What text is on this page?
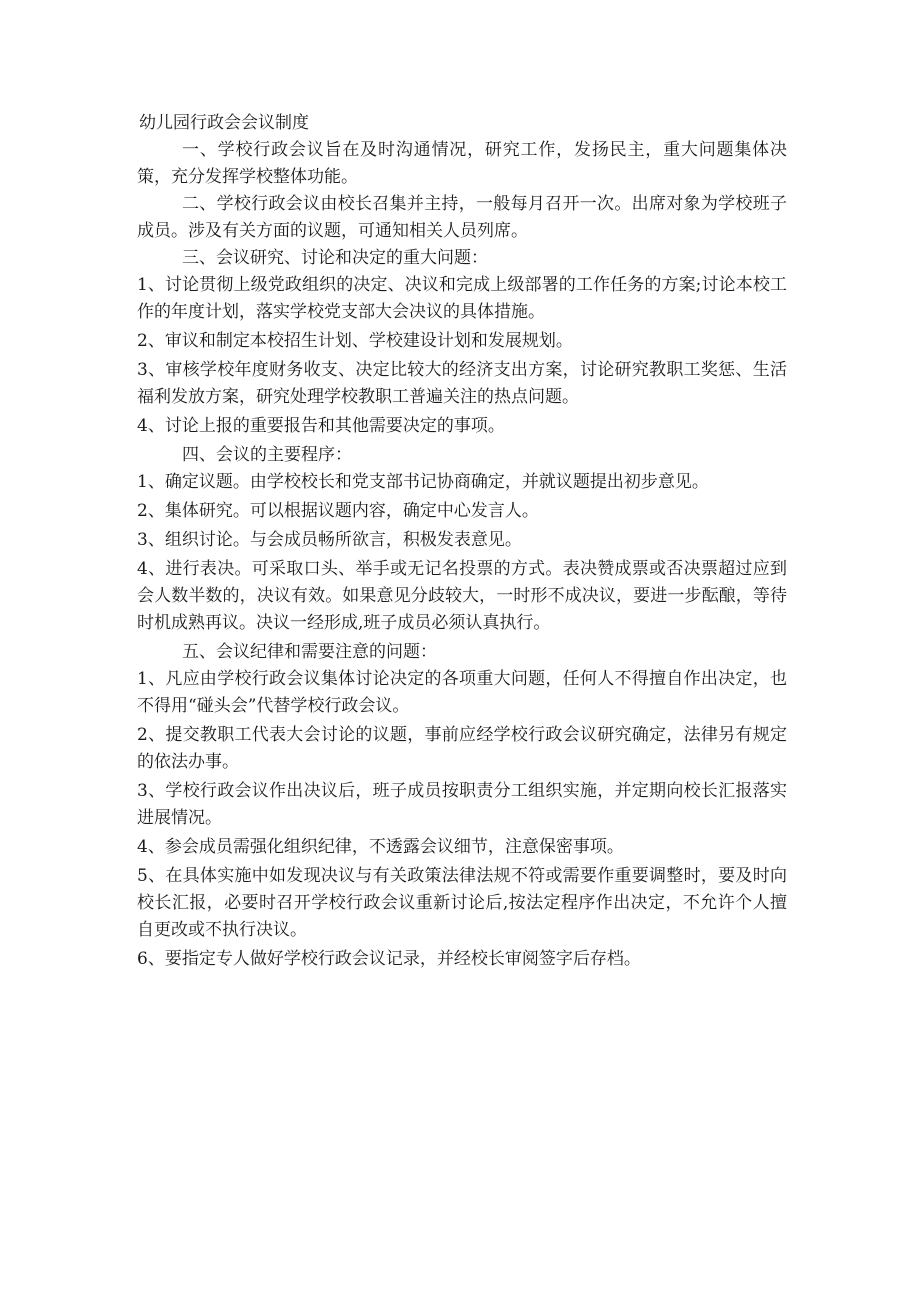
幼儿园行政会会议制度

一、学校行政会议旨在及时沟通情况，研究工作，发扬民主，重大问题集体决策，充分发挥学校整体功能。

二、学校行政会议由校长召集并主持，一般每月召开一次。出席对象为学校班子成员。涉及有关方面的议题，可通知相关人员列席。

三、会议研究、讨论和决定的重大问题：

1、讨论贯彻上级党政组织的决定、决议和完成上级部署的工作任务的方案;讨论本校工作的年度计划，落实学校党支部大会决议的具体措施。

2、审议和制定本校招生计划、学校建设计划和发展规划。

3、审核学校年度财务收支、决定比较大的经济支出方案，讨论研究教职工奖惩、生活福利发放方案，研究处理学校教职工普遍关注的热点问题。

4、讨论上报的重要报告和其他需要决定的事项。

四、会议的主要程序：

1、确定议题。由学校校长和党支部书记协商确定，并就议题提出初步意见。

2、集体研究。可以根据议题内容，确定中心发言人。

3、组织讨论。与会成员畅所欲言，积极发表意见。

4、进行表决。可采取口头、举手或无记名投票的方式。表决赞成票或否决票超过应到会人数半数的，决议有效。如果意见分歧较大，一时形不成决议，要进一步酝酿，等待时机成熟再议。决议一经形成,班子成员必须认真执行。

五、会议纪律和需要注意的问题：

1、凡应由学校行政会议集体讨论决定的各项重大问题，任何人不得擅自作出决定，也不得用“碰头会”代替学校行政会议。

2、提交教职工代表大会讨论的议题，事前应经学校行政会议研究确定，法律另有规定的依法办事。

3、学校行政会议作出决议后，班子成员按职责分工组织实施，并定期向校长汇报落实进展情况。

4、参会成员需强化组织纪律，不透露会议细节，注意保密事项。

5、在具体实施中如发现决议与有关政策法律法规不符或需要作重要调整时，要及时向校长汇报，必要时召开学校行政会议重新讨论后,按法定程序作出决定，不允许个人擅自更改或不执行决议。

6、要指定专人做好学校行政会议记录，并经校长审阅签字后存档。
